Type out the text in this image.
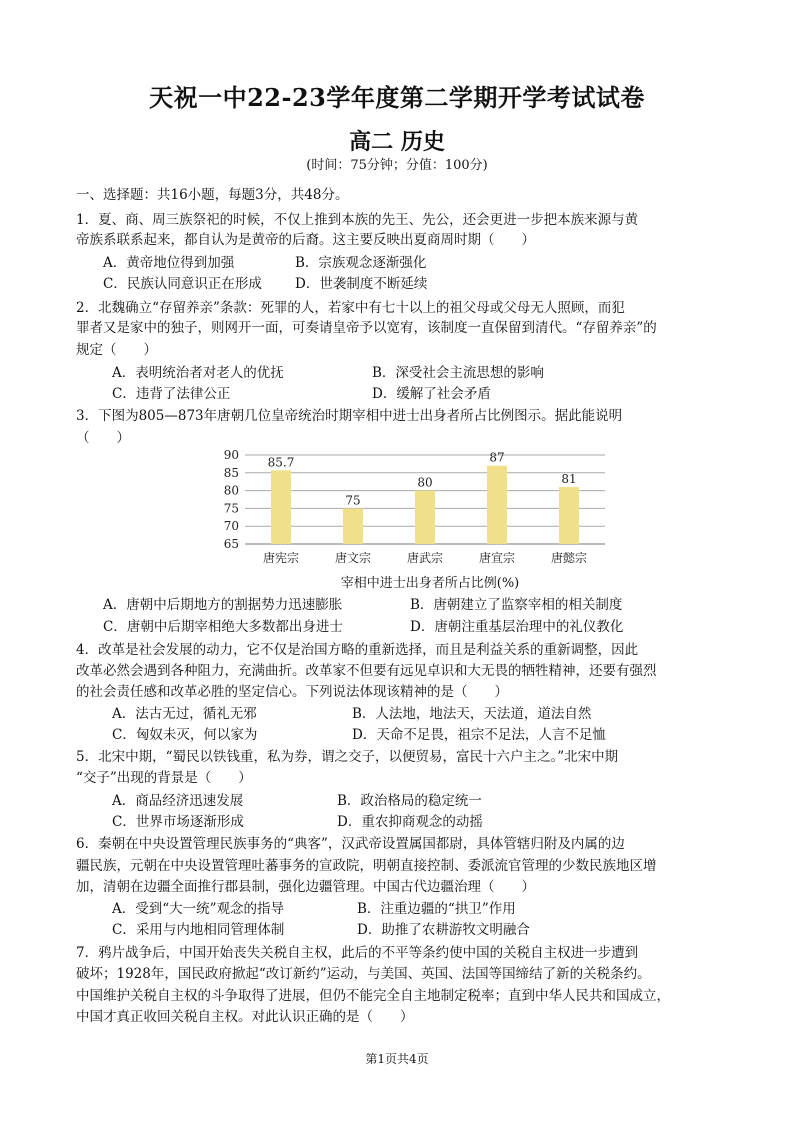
天祝一中22-23学年度第二学期开学考试试卷
高二 历史
(时间：75分钟；分值：100分)
一、选择题：共16小题，每题3分，共48分。
1．夏、商、周三族祭祀的时候，不仅上推到本族的先王、先公，还会更进一步把本族来源与黄
帝族系联系起来，都自认为是黄帝的后裔。这主要反映出夏商周时期（　　）
A．黄帝地位得到加强	B．宗族观念逐渐强化
C．民族认同意识正在形成 D．世袭制度不断延续
2．北魏确立“存留养亲”条款：死罪的人，若家中有七十以上的祖父母或父母无人照顾，而犯
罪者又是家中的独子，则网开一面，可奏请皇帝予以宽宥，该制度一直保留到清代。“存留养亲”的
规定（　　）
A．表明统治者对老人的优抚	B．深受社会主流思想的影响
C．违背了法律公正	D．缓解了社会矛盾
3．下图为805—873年唐朝几位皇帝统治时期宰相中进士出身者所占比例图示。据此能说明
（　　）
65
70
75
80
85
90
85.7
唐宪宗
75
唐文宗
80
唐武宗
87
唐宣宗
81
唐懿宗
宰相中进士出身者所占比例(%)
A．唐朝中后期地方的割据势力迅速膨胀	B．唐朝建立了监察宰相的相关制度
C．唐朝中后期宰相绝大多数都出身进士	D．唐朝注重基层治理中的礼仪教化
4．改革是社会发展的动力，它不仅是治国方略的重新选择，而且是利益关系的重新调整，因此
改革必然会遇到各种阻力，充满曲折。改革家不但要有远见卓识和大无畏的牺牲精神，还要有强烈
的社会责任感和改革必胜的坚定信心。下列说法体现该精神的是（　　）
A．法古无过，循礼无邪	B．人法地，地法天，天法道，道法自然
C．匈奴未灭，何以家为	D．天命不足畏，祖宗不足法，人言不足恤
5．北宋中期，“蜀民以铁钱重，私为券，谓之交子，以便贸易，富民十六户主之。”北宋中期
“交子”出现的背景是（　　）
A．商品经济迅速发展	B．政治格局的稳定统一
C．世界市场逐渐形成	D．重农抑商观念的动摇
6．秦朝在中央设置管理民族事务的“典客”，汉武帝设置属国都尉，具体管辖归附及内属的边
疆民族，元朝在中央设置管理吐蕃事务的宣政院，明朝直接控制、委派流官管理的少数民族地区增
加，清朝在边疆全面推行郡县制，强化边疆管理。中国古代边疆治理（　　）
A．受到“大一统”观念的指导	B．注重边疆的“拱卫”作用
C．采用与内地相同管理体制	D．助推了农耕游牧文明融合
7．鸦片战争后，中国开始丧失关税自主权，此后的不平等条约使中国的关税自主权进一步遭到
破坏；1928年，国民政府掀起“改订新约”运动，与美国、英国、法国等国缔结了新的关税条约。
中国维护关税自主权的斗争取得了进展，但仍不能完全自主地制定税率；直到中华人民共和国成立，
中国才真正收回关税自主权。对此认识正确的是（　　）
第1页共4页
